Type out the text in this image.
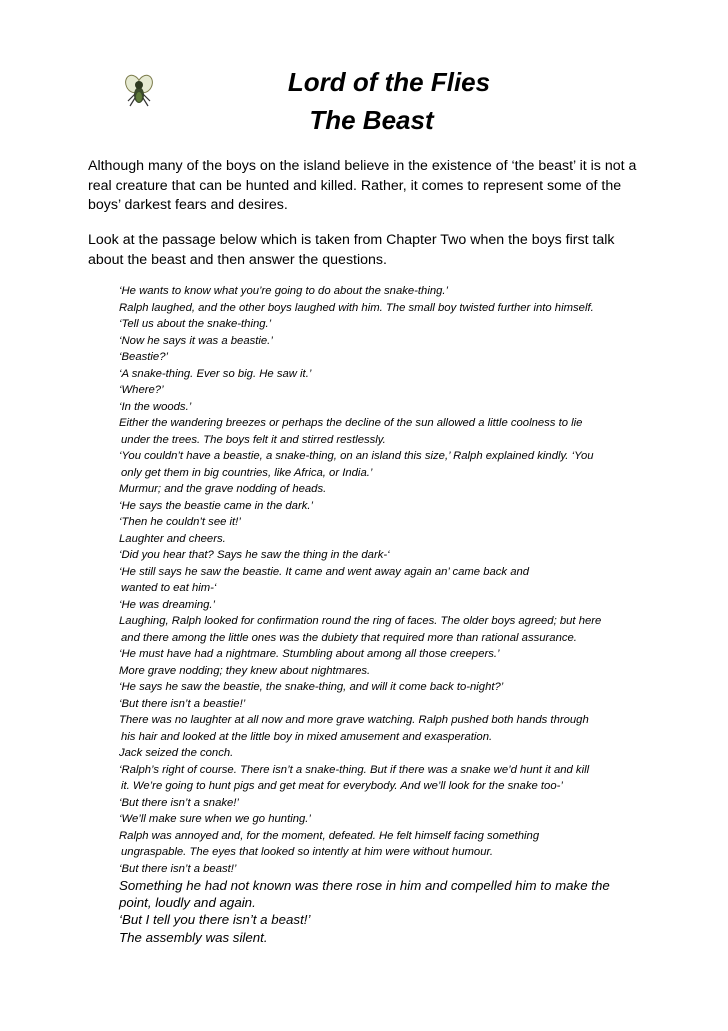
Lord of the Flies
The Beast

Although many of the boys on the island believe in the existence of ‘the beast’ it is not a real creature that can be hunted and killed. Rather, it comes to represent some of the boys’ darkest fears and desires.

Look at the passage below which is taken from Chapter Two when the boys first talk about the beast and then answer the questions.

‘He wants to know what you’re going to do about the snake-thing.’
Ralph laughed, and the other boys laughed with him. The small boy twisted further into himself.
‘Tell us about the snake-thing.’
‘Now he says it was a beastie.’
‘Beastie?’
‘A snake-thing. Ever so big. He saw it.’
‘Where?’
‘In the woods.’
Either the wandering breezes or perhaps the decline of the sun allowed a little coolness to lie
under the trees. The boys felt it and stirred restlessly.
‘You couldn’t have a beastie, a snake-thing, on an island this size,’ Ralph explained kindly. ‘You
only get them in big countries, like Africa, or India.’
Murmur; and the grave nodding of heads.
‘He says the beastie came in the dark.’
‘Then he couldn’t see it!’
Laughter and cheers.
‘Did you hear that? Says he saw the thing in the dark-‘
‘He still says he saw the beastie. It came and went away again an’ came back and
wanted to eat him-‘
‘He was dreaming.’
Laughing, Ralph looked for confirmation round the ring of faces. The older boys agreed; but here
and there among the little ones was the dubiety that required more than rational assurance.
‘He must have had a nightmare. Stumbling about among all those creepers.’
More grave nodding; they knew about nightmares.
‘He says he saw the beastie, the snake-thing, and will it come back to-night?’
‘But there isn’t a beastie!’
There was no laughter at all now and more grave watching. Ralph pushed both hands through
his hair and looked at the little boy in mixed amusement and exasperation.
Jack seized the conch.
‘Ralph’s right of course. There isn’t a snake-thing. But if there was a snake we’d hunt it and kill
it. We’re going to hunt pigs and get meat for everybody. And we’ll look for the snake too-’
‘But there isn’t a snake!’
‘We’ll make sure when we go hunting.’
Ralph was annoyed and, for the moment, defeated. He felt himself facing something
ungraspable. The eyes that looked so intently at him were without humour.
‘But there isn’t a beast!’
Something he had not known was there rose in him and compelled him to make the
point, loudly and again.
‘But I tell you there isn’t a beast!’
The assembly was silent.
